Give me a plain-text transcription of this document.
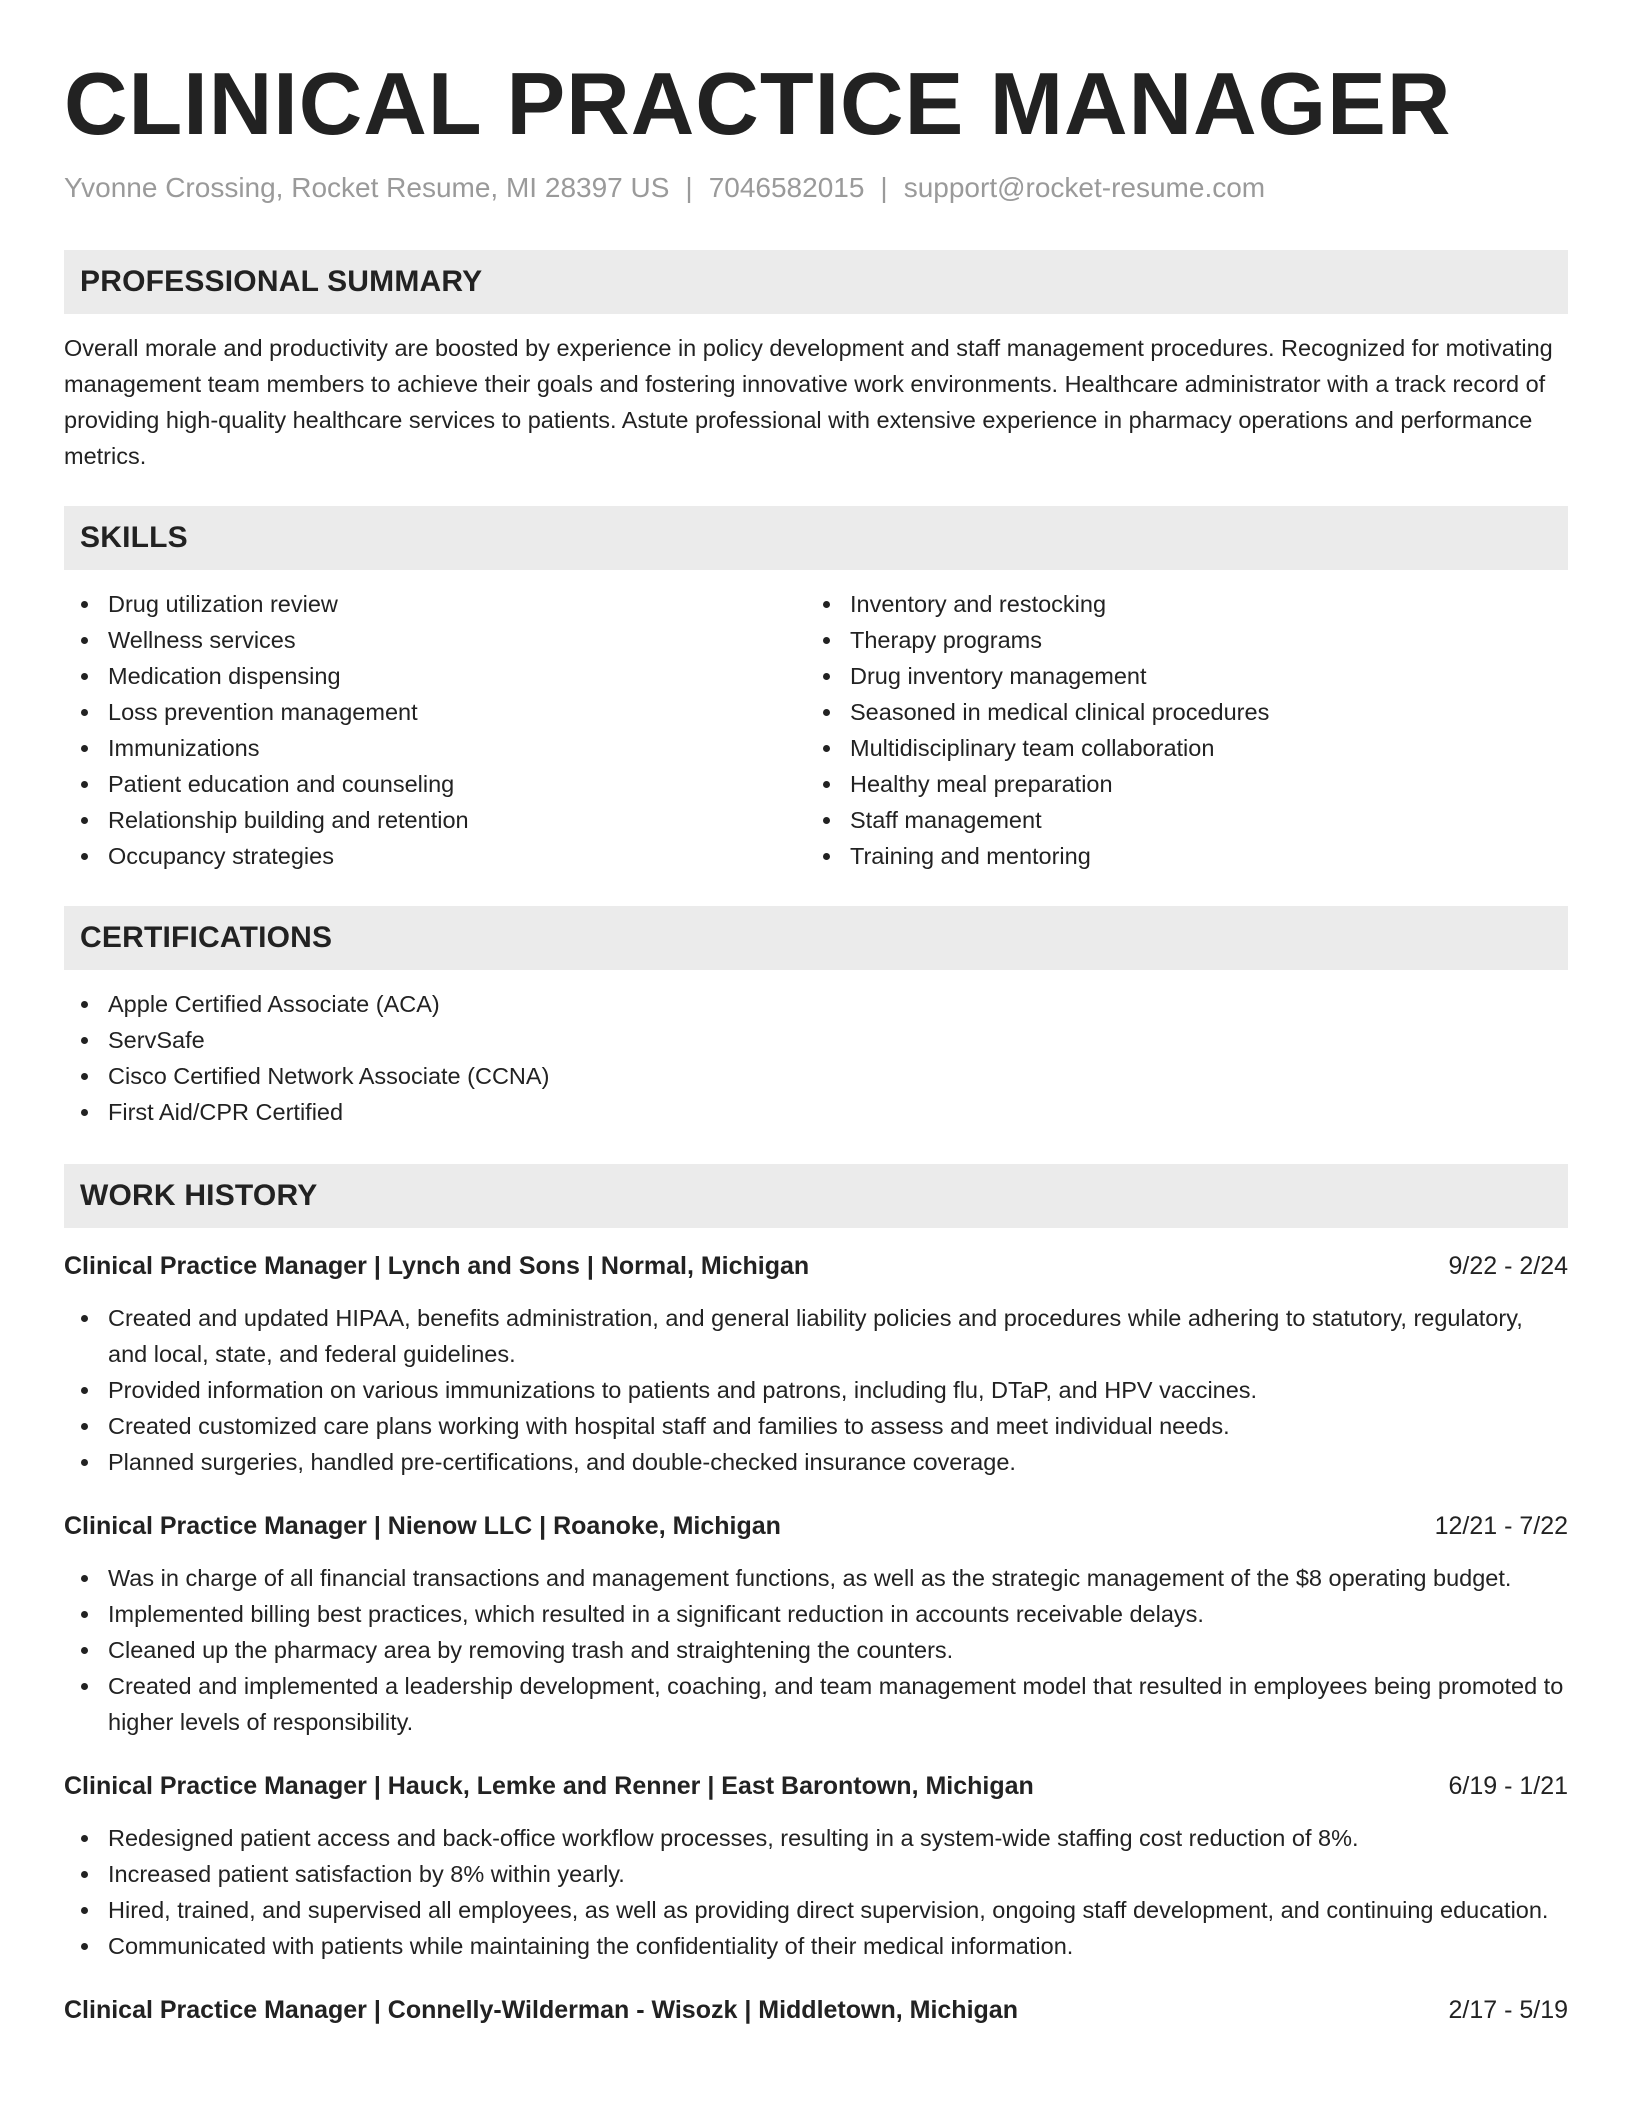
CLINICAL PRACTICE MANAGER
Yvonne Crossing, Rocket Resume, MI 28397 US | 7046582015 | support@rocket-resume.com
PROFESSIONAL SUMMARY

Overall morale and productivity are boosted by experience in policy development and staff management procedures. Recognized for motivating management team members to achieve their goals and fostering innovative work environments. Healthcare administrator with a track record of providing high-quality healthcare services to patients. Astute professional with extensive experience in pharmacy operations and performance metrics.

SKILLS
Drug utilization review
Wellness services
Medication dispensing
Loss prevention management
Immunizations
Patient education and counseling
Relationship building and retention
Occupancy strategies
Inventory and restocking
Therapy programs
Drug inventory management
Seasoned in medical clinical procedures
Multidisciplinary team collaboration
Healthy meal preparation
Staff management
Training and mentoring
CERTIFICATIONS
Apple Certified Associate (ACA)
ServSafe
Cisco Certified Network Associate (CCNA)
First Aid/CPR Certified
WORK HISTORY
Clinical Practice Manager | Lynch and Sons | Normal, Michigan	9/22 - 2/24
Created and updated HIPAA, benefits administration, and general liability policies and procedures while adhering to statutory, regulatory, and local, state, and federal guidelines.
Provided information on various immunizations to patients and patrons, including flu, DTaP, and HPV vaccines.
Created customized care plans working with hospital staff and families to assess and meet individual needs.
Planned surgeries, handled pre-certifications, and double-checked insurance coverage.
Clinical Practice Manager | Nienow LLC | Roanoke, Michigan	12/21 - 7/22
Was in charge of all financial transactions and management functions, as well as the strategic management of the $8 operating budget.
Implemented billing best practices, which resulted in a significant reduction in accounts receivable delays.
Cleaned up the pharmacy area by removing trash and straightening the counters.
Created and implemented a leadership development, coaching, and team management model that resulted in employees being promoted to higher levels of responsibility.
Clinical Practice Manager | Hauck, Lemke and Renner | East Barontown, Michigan	6/19 - 1/21
Redesigned patient access and back-office workflow processes, resulting in a system-wide staffing cost reduction of 8%.
Increased patient satisfaction by 8% within yearly.
Hired, trained, and supervised all employees, as well as providing direct supervision, ongoing staff development, and continuing education.
Communicated with patients while maintaining the confidentiality of their medical information.
Clinical Practice Manager | Connelly-Wilderman - Wisozk | Middletown, Michigan	2/17 - 5/19
